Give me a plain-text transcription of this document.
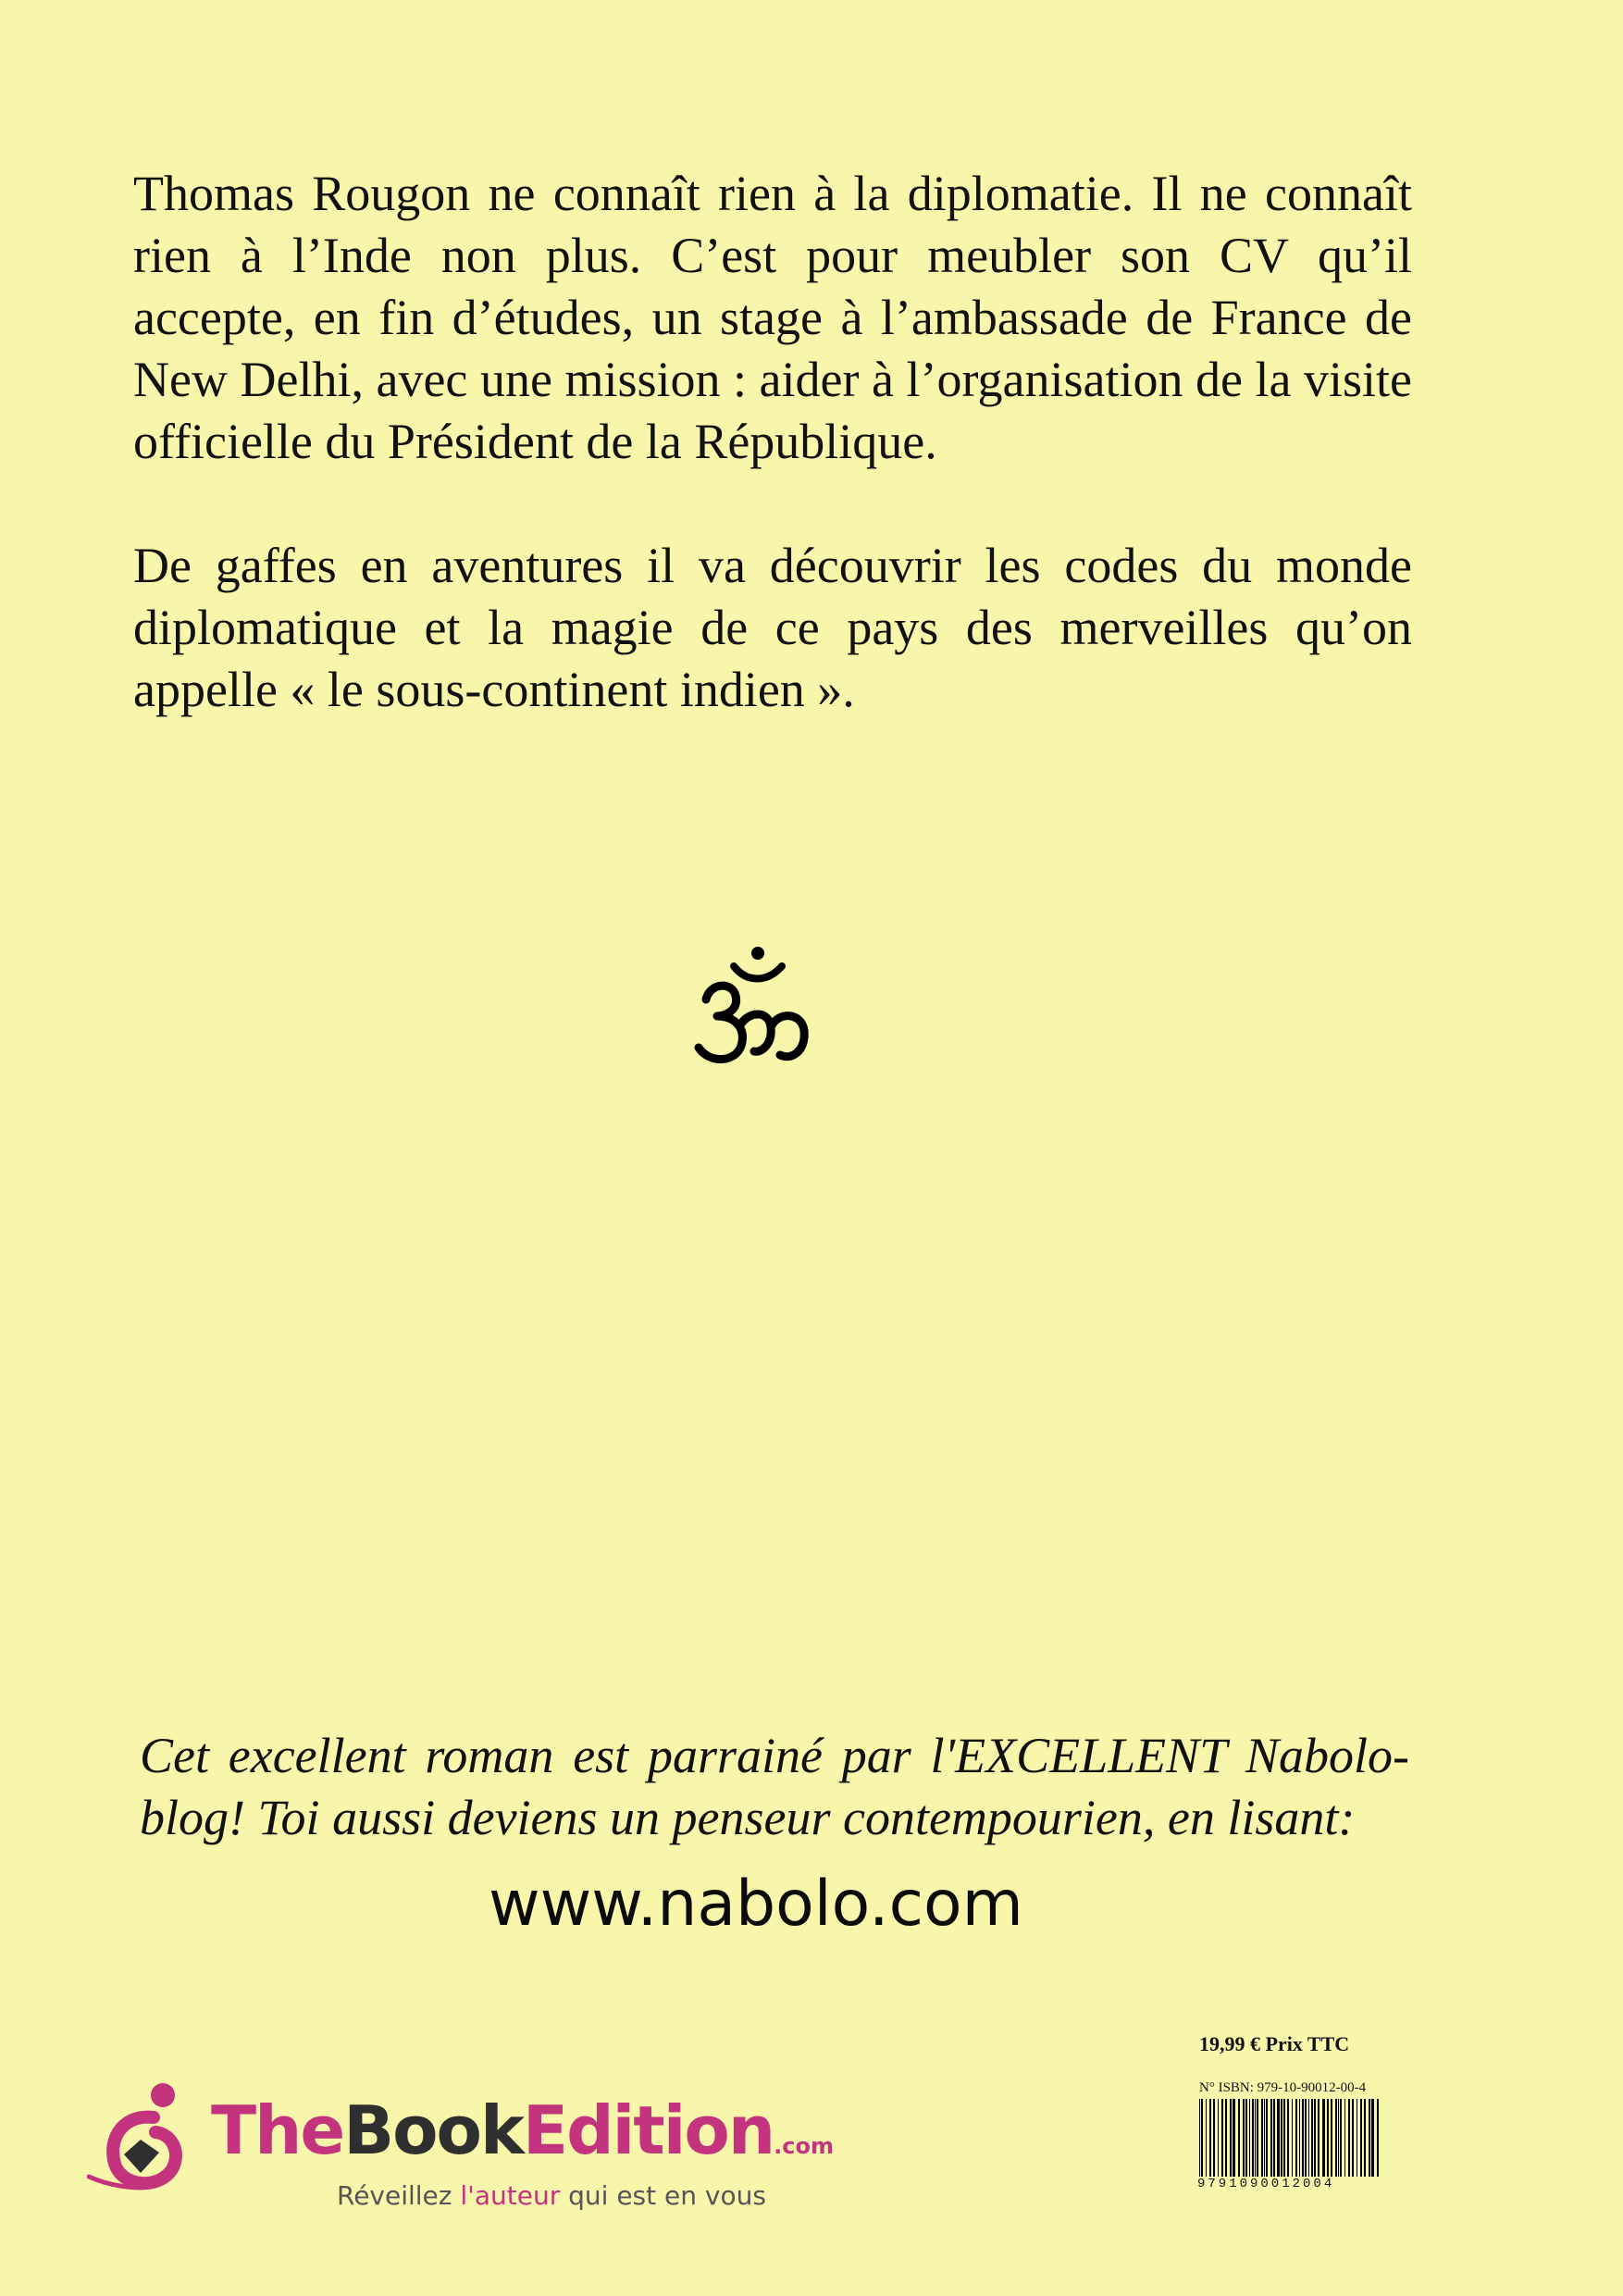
Thomas Rougon ne connaît rien à la diplomatie. Il ne connaît rien à l’Inde non plus. C’est pour meubler son CV qu’il accepte, en fin d’études, un stage à l’ambassade de France de New Delhi, avec une mission : aider à l’organisation de la visite officielle du Président de la République.

De gaffes en aventures il va découvrir les codes du monde diplomatique et la magie de ce pays des merveilles qu’on appelle « le sous-continent indien ».

Cet excellent roman est parrainé par l'EXCELLENT Nabolo-blog! Toi aussi deviens un penseur contempourien, en lisant:

www.nabolo.com
19,99 € Prix TTC
N° ISBN: 979-10-90012-00-4
9791090012004
TheBookEdition.com
Réveillez l'auteur qui est en vous
